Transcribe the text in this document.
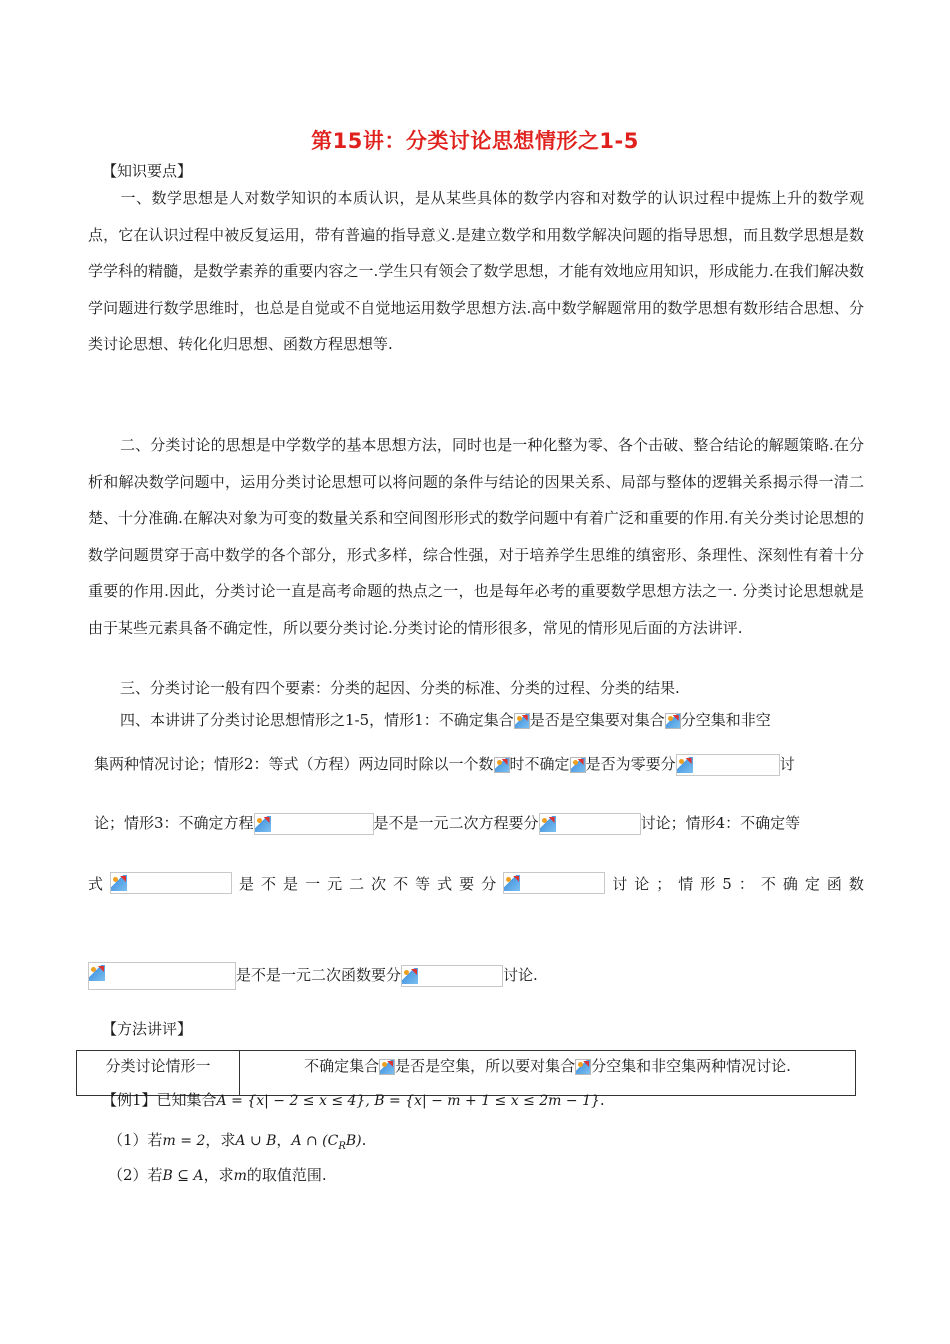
第15讲：分类讨论思想情形之1-5
【知识要点】

一、数学思想是人对数学知识的本质认识，是从某些具体的数学内容和对数学的认识过程中提炼上升的数学观点，它在认识过程中被反复运用，带有普遍的指导意义.是建立数学和用数学解决问题的指导思想，而且数学思想是数学学科的精髓，是数学素养的重要内容之一.学生只有领会了数学思想，才能有效地应用知识，形成能力.在我们解决数学问题进行数学思维时，也总是自觉或不自觉地运用数学思想方法.高中数学解题常用的数学思想有数形结合思想、分类讨论思想、转化化归思想、函数方程思想等.

二、分类讨论的思想是中学数学的基本思想方法，同时也是一种化整为零、各个击破、整合结论的解题策略.在分析和解决数学问题中，运用分类讨论思想可以将问题的条件与结论的因果关系、局部与整体的逻辑关系揭示得一清二楚、十分准确.在解决对象为可变的数量关系和空间图形形式的数学问题中有着广泛和重要的作用.有关分类讨论思想的数学问题贯穿于高中数学的各个部分，形式多样，综合性强，对于培养学生思维的缜密形、条理性、深刻性有着十分重要的作用.因此，分类讨论一直是高考命题的热点之一，也是每年必考的重要数学思想方法之一. 分类讨论思想就是由于某些元素具备不确定性，所以要分类讨论.分类讨论的情形很多，常见的情形见后面的方法讲评.

三、分类讨论一般有四个要素：分类的起因、分类的标准、分类的过程、分类的结果.

四、本讲讲了分类讨论思想情形之1-5，情形1：不确定集合 是否是空集要对集合 分空集和非空
集两种情况讨论；情形2：等式（方程）两边同时除以一个数 时不确定 是否为零要分	讨
论；情形3：不确定方程	是不是一元二次方程要分	讨论；情形4：不确定等
式	是 不 是 一 元 二 次 不 等 式 要 分	讨 论 ； 情 形 5 ： 不 确 定 函 数
是不是一元二次函数要分	讨论.
【方法讲评】
分类讨论情形一	不确定集合 是否是空集，所以要对集合 分空集和非空集两种情况讨论.
【例1】已知集合A = {x| − 2 ≤ x ≤ 4}, B = {x| − m + 1 ≤ x ≤ 2m − 1}.
（1）若m = 2，求A ∪ B，A ∩ $(C_RB)$.
（2）若B ⊆ A，求m的取值范围.
